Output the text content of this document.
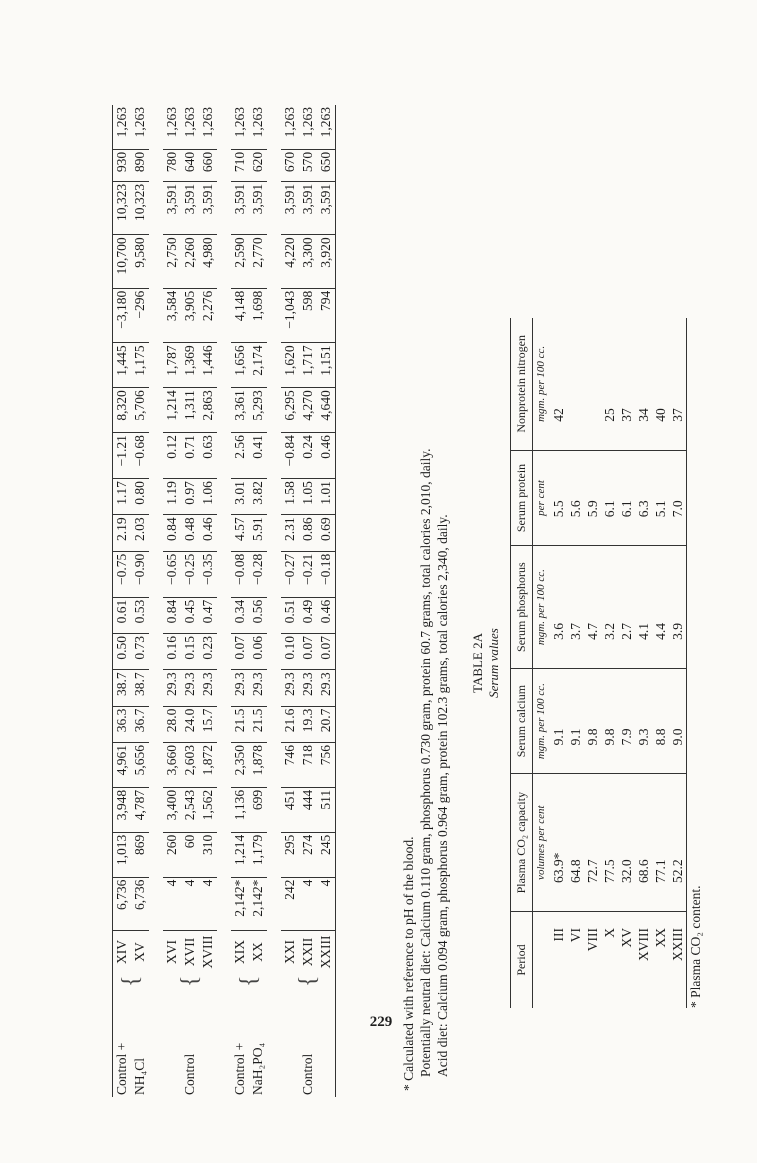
Control + NH₄Cl	{	XIV	6,736	1,013	3,948	4,961	36.3	38.7	0.50	0.61	−0.75	2.19	1.17	−1.21	8,320	1,445	−3,180	10,700	10,323	930	1,263
		XV	6,736	869	4,787	5,656	36.7	38.7	0.73	0.53	−0.90	2.03	0.80	−0.68	5,706	1,175	−296	9,580	10,323	890	1,263

Control	{	XVI	4	260	3,400	3,660	28.0	29.3	0.16	0.84	−0.65	0.84	1.19	0.12	1,214	1,787	3,584	2,750	3,591	780	1,263
		XVII	4	60	2,543	2,603	24.0	29.3	0.15	0.45	−0.25	0.48	0.97	0.71	1,311	1,369	3,905	2,260	3,591	640	1,263
		XVIII	4	310	1,562	1,872	15.7	29.3	0.23	0.47	−0.35	0.46	1.06	0.63	2,863	1,446	2,276	4,980	3,591	660	1,263

Control + NaH₂PO₄	{	XIX	2,142*	1,214	1,136	2,350	21.5	29.3	0.07	0.34	−0.08	4.57	3.01	2.56	3,361	1,656	4,148	2,590	3,591	710	1,263
		XX	2,142*	1,179	699	1,878	21.5	29.3	0.06	0.56	−0.28	5.91	3.82	0.41	5,293	2,174	1,698	2,770	3,591	620	1,263

Control	{	XXI	242	295	451	746	21.6	29.3	0.10	0.51	−0.27	2.31	1.58	−0.84	6,295	1,620	−1,043	4,220	3,591	670	1,263
		XXII	4	274	444	718	19.3	29.3	0.07	0.49	−0.21	0.86	1.05	0.24	4,270	1,717	598	3,300	3,591	570	1,263
		XXIII	4	245	511	756	20.7	29.3	0.07	0.46	−0.18	0.69	1.01	0.46	4,640	1,151	794	3,920	3,591	650	1,263

* Calculated with reference to pH of the blood. Potentially neutral diet: Calcium 0.110 gram, phosphorus 0.730 gram, protein 60.7 grams, total calories 2,010, daily. Acid diet: Calcium 0.094 gram, phosphorus 0.964 gram, protein 102.3 grams, total calories 2,340, daily. TABLE 2A Serum values
Period	Plasma CO₂ capacity	Serum calcium	Serum phosphorus	Serum protein	Nonprotein nitrogen
	volumes per cent	mgm. per 100 cc.	mgm. per 100 cc.	per cent	mgm. per 100 cc.
III	63.9*	9.1	3.6	5.5	42
VI	64.8	9.1	3.7	5.6	
VIII	72.7	9.8	4.7	5.9	
X	77.5	9.8	3.2	6.1	25
XV	32.0	7.9	2.7	6.1	37
XVIII	68.6	9.3	4.1	6.3	34
XX	77.1	8.8	4.4	5.1	40
XXIII	52.2	9.0	3.9	7.0	37
* Plasma CO₂ content.
229
